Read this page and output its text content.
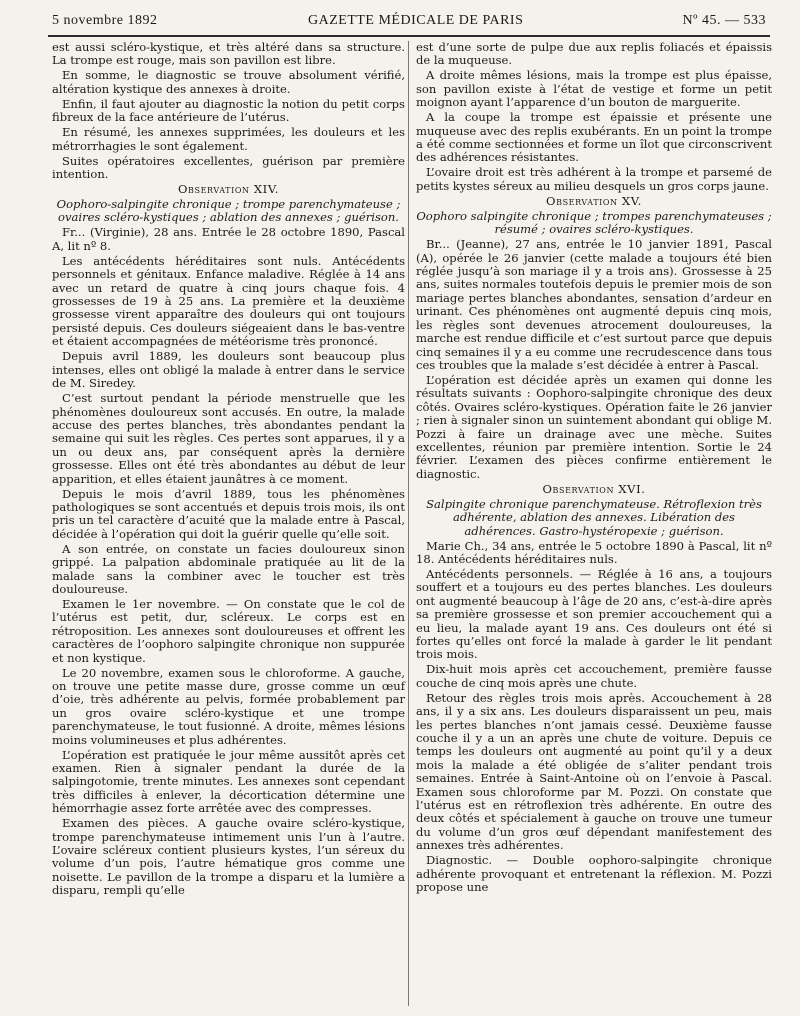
5 novembre 1892	GAZETTE MÉDICALE DE PARIS	Nº 45. — 533

est aussi scléro-kystique, et très altéré dans sa structure. La trompe est rouge, mais son pavillon est libre.

En somme, le diagnostic se trouve absolument vérifié, altération kystique des annexes à droite.

Enfin, il faut ajouter au diagnostic la notion du petit corps fibreux de la face antérieure de l’utérus.

En résumé, les annexes supprimées, les douleurs et les métrorrhagies le sont également.

Suites opératoires excellentes, guérison par première intention.

Observation XIV.

Oophoro-salpingite chronique ; trompe parenchymateuse ; ovaires scléro-kystiques ; ablation des annexes ; guérison.

Fr... (Virginie), 28 ans. Entrée le 28 octobre 1890, Pascal A, lit nº 8.

Les antécédents héréditaires sont nuls. Antécédents personnels et génitaux. Enfance maladive. Réglée à 14 ans avec un retard de quatre à cinq jours chaque fois. 4 grossesses de 19 à 25 ans. La première et la deuxième grossesse virent apparaître des douleurs qui ont toujours persisté depuis. Ces douleurs siégeaient dans le bas-ventre et étaient accompagnées de météorisme très prononcé.

Depuis avril 1889, les douleurs sont beaucoup plus intenses, elles ont obligé la malade à entrer dans le service de M. Siredey.

C’est surtout pendant la période menstruelle que les phénomènes douloureux sont accusés. En outre, la malade accuse des pertes blanches, très abondantes pendant la semaine qui suit les règles. Ces pertes sont apparues, il y a un ou deux ans, par conséquent après la dernière grossesse. Elles ont été très abondantes au début de leur apparition, et elles étaient jaunâtres à ce moment.

Depuis le mois d’avril 1889, tous les phénomènes pathologiques se sont accentués et depuis trois mois, ils ont pris un tel caractère d’acuité que la malade entre à Pascal, décidée à l’opération qui doit la guérir quelle qu’elle soit.

A son entrée, on constate un facies douloureux sinon grippé. La palpation abdominale pratiquée au lit de la malade sans la combiner avec le toucher est très douloureuse.

Examen le 1er novembre. — On constate que le col de l’utérus est petit, dur, scléreux. Le corps est en rétroposition. Les annexes sont douloureuses et offrent les caractères de l’oophoro salpingite chronique non suppurée et non kystique.

Le 20 novembre, examen sous le chloroforme. A gauche, on trouve une petite masse dure, grosse comme un œuf d’oie, très adhérente au pelvis, formée probablement par un gros ovaire scléro-kystique et une trompe parenchymateuse, le tout fusionné. A droite, mêmes lésions moins volumineuses et plus adhérentes.

L’opération est pratiquée le jour même aussitôt après cet examen. Rien à signaler pendant la durée de la salpingotomie, trente minutes. Les annexes sont cependant très difficiles à enlever, la décortication détermine une hémorrhagie assez forte arrêtée avec des compresses.

Examen des pièces. A gauche ovaire scléro-kystique, trompe parenchymateuse intimement unis l’un à l’autre. L’ovaire scléreux contient plusieurs kystes, l’un séreux du volume d’un pois, l’autre hématique gros comme une noisette. Le pavillon de la trompe a disparu et la lumière a disparu, rempli qu’elle

est d’une sorte de pulpe due aux replis foliacés et épaissis de la muqueuse.

A droite mêmes lésions, mais la trompe est plus épaisse, son pavillon existe à l’état de vestige et forme un petit moignon ayant l’apparence d’un bouton de marguerite.

A la coupe la trompe est épaissie et présente une muqueuse avec des replis exubérants. En un point la trompe a été comme sectionnées et forme un îlot que circonscrivent des adhérences résistantes.

L’ovaire droit est très adhérent à la trompe et parsemé de petits kystes séreux au milieu desquels un gros corps jaune.

Observation XV.

Oophoro salpingite chronique ; trompes parenchymateuses ; résumé ; ovaires scléro-kystiques.

Br... (Jeanne), 27 ans, entrée le 10 janvier 1891, Pascal (A), opérée le 26 janvier (cette malade a toujours été bien réglée jusqu’à son mariage il y a trois ans). Grossesse à 25 ans, suites normales toutefois depuis le premier mois de son mariage pertes blanches abondantes, sensation d’ardeur en urinant. Ces phénomènes ont augmenté depuis cinq mois, les règles sont devenues atrocement douloureuses, la marche est rendue difficile et c’est surtout parce que depuis cinq semaines il y a eu comme une recrudescence dans tous ces troubles que la malade s’est décidée à entrer à Pascal.

L’opération est décidée après un examen qui donne les résultats suivants : Oophoro-salpingite chronique des deux côtés. Ovaires scléro-kystiques. Opération faite le 26 janvier ; rien à signaler sinon un suintement abondant qui oblige M. Pozzi à faire un drainage avec une mèche. Suites excellentes, réunion par première intention. Sortie le 24 février. L’examen des pièces confirme entièrement le diagnostic.

Observation XVI.

Salpingite chronique parenchymateuse. Rétroflexion très adhérente, ablation des annexes. Libération des adhérences. Gastro-hystéropexie ; guérison.

Marie Ch., 34 ans, entrée le 5 octobre 1890 à Pascal, lit nº 18. Antécédents héréditaires nuls.

Antécédents personnels. — Réglée à 16 ans, a toujours souffert et a toujours eu des pertes blanches. Les douleurs ont augmenté beaucoup à l’âge de 20 ans, c’est-à-dire après sa première grossesse et son premier accouchement qui a eu lieu, la malade ayant 19 ans. Ces douleurs ont été si fortes qu’elles ont forcé la malade à garder le lit pendant trois mois.

Dix-huit mois après cet accouchement, première fausse couche de cinq mois après une chute.

Retour des règles trois mois après. Accouchement à 28 ans, il y a six ans. Les douleurs disparaissent un peu, mais les pertes blanches n’ont jamais cessé. Deuxième fausse couche il y a un an après une chute de voiture. Depuis ce temps les douleurs ont augmenté au point qu’il y a deux mois la malade a été obligée de s’aliter pendant trois semaines. Entrée à Saint-Antoine où on l’envoie à Pascal. Examen sous chloroforme par M. Pozzi. On constate que l’utérus est en rétroflexion très adhérente. En outre des deux côtés et spécialement à gauche on trouve une tumeur du volume d’un gros œuf dépendant manifestement des annexes très adhérentes.

Diagnostic. — Double oophoro-salpingite chronique adhérente provoquant et entretenant la réflexion. M. Pozzi propose une
